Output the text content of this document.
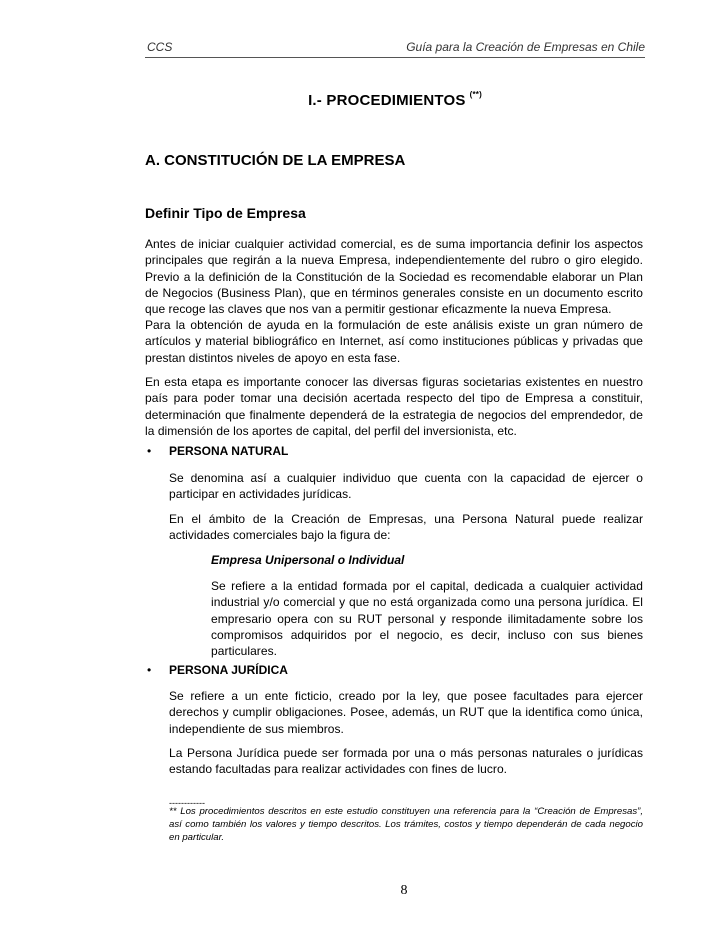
CCS	Guía para la Creación de Empresas en Chile
I.- PROCEDIMIENTOS (**)
A. CONSTITUCIÓN DE LA EMPRESA
Definir Tipo de Empresa

Antes de iniciar cualquier actividad comercial, es de suma importancia definir los aspectos principales que regirán a la nueva Empresa, independientemente del rubro o giro elegido. Previo a la definición de la Constitución de la Sociedad es recomendable elaborar un Plan de Negocios (Business Plan), que en términos generales consiste en un documento escrito que recoge las claves que nos van a permitir gestionar eficazmente la nueva Empresa.

Para la obtención de ayuda en la formulación de este análisis existe un gran número de artículos y material bibliográfico en Internet, así como instituciones públicas y privadas que prestan distintos niveles de apoyo en esta fase.

En esta etapa es importante conocer las diversas figuras societarias existentes en nuestro país para poder tomar una decisión acertada respecto del tipo de Empresa a constituir, determinación que finalmente dependerá de la estrategia de negocios del emprendedor, de la dimensión de los aportes de capital, del perfil del inversionista, etc.

• PERSONA NATURAL

Se denomina así a cualquier individuo que cuenta con la capacidad de ejercer o participar en actividades jurídicas.

En el ámbito de la Creación de Empresas, una Persona Natural puede realizar actividades comerciales bajo la figura de:

Empresa Unipersonal o Individual

Se refiere a la entidad formada por el capital, dedicada a cualquier actividad industrial y/o comercial y que no está organizada como una persona jurídica. El empresario opera con su RUT personal y responde ilimitadamente sobre los compromisos adquiridos por el negocio, es decir, incluso con sus bienes particulares.

• PERSONA JURÍDICA

Se refiere a un ente ficticio, creado por la ley, que posee facultades para ejercer derechos y cumplir obligaciones. Posee, además, un RUT que la identifica como única, independiente de sus miembros.

La Persona Jurídica puede ser formada por una o más personas naturales o jurídicas estando facultadas para realizar actividades con fines de lucro.

------------

** Los procedimientos descritos en este estudio constituyen una referencia para la “Creación de Empresas”, así como también los valores y tiempo descritos. Los trámites, costos y tiempo dependerán de cada negocio en particular.

8
